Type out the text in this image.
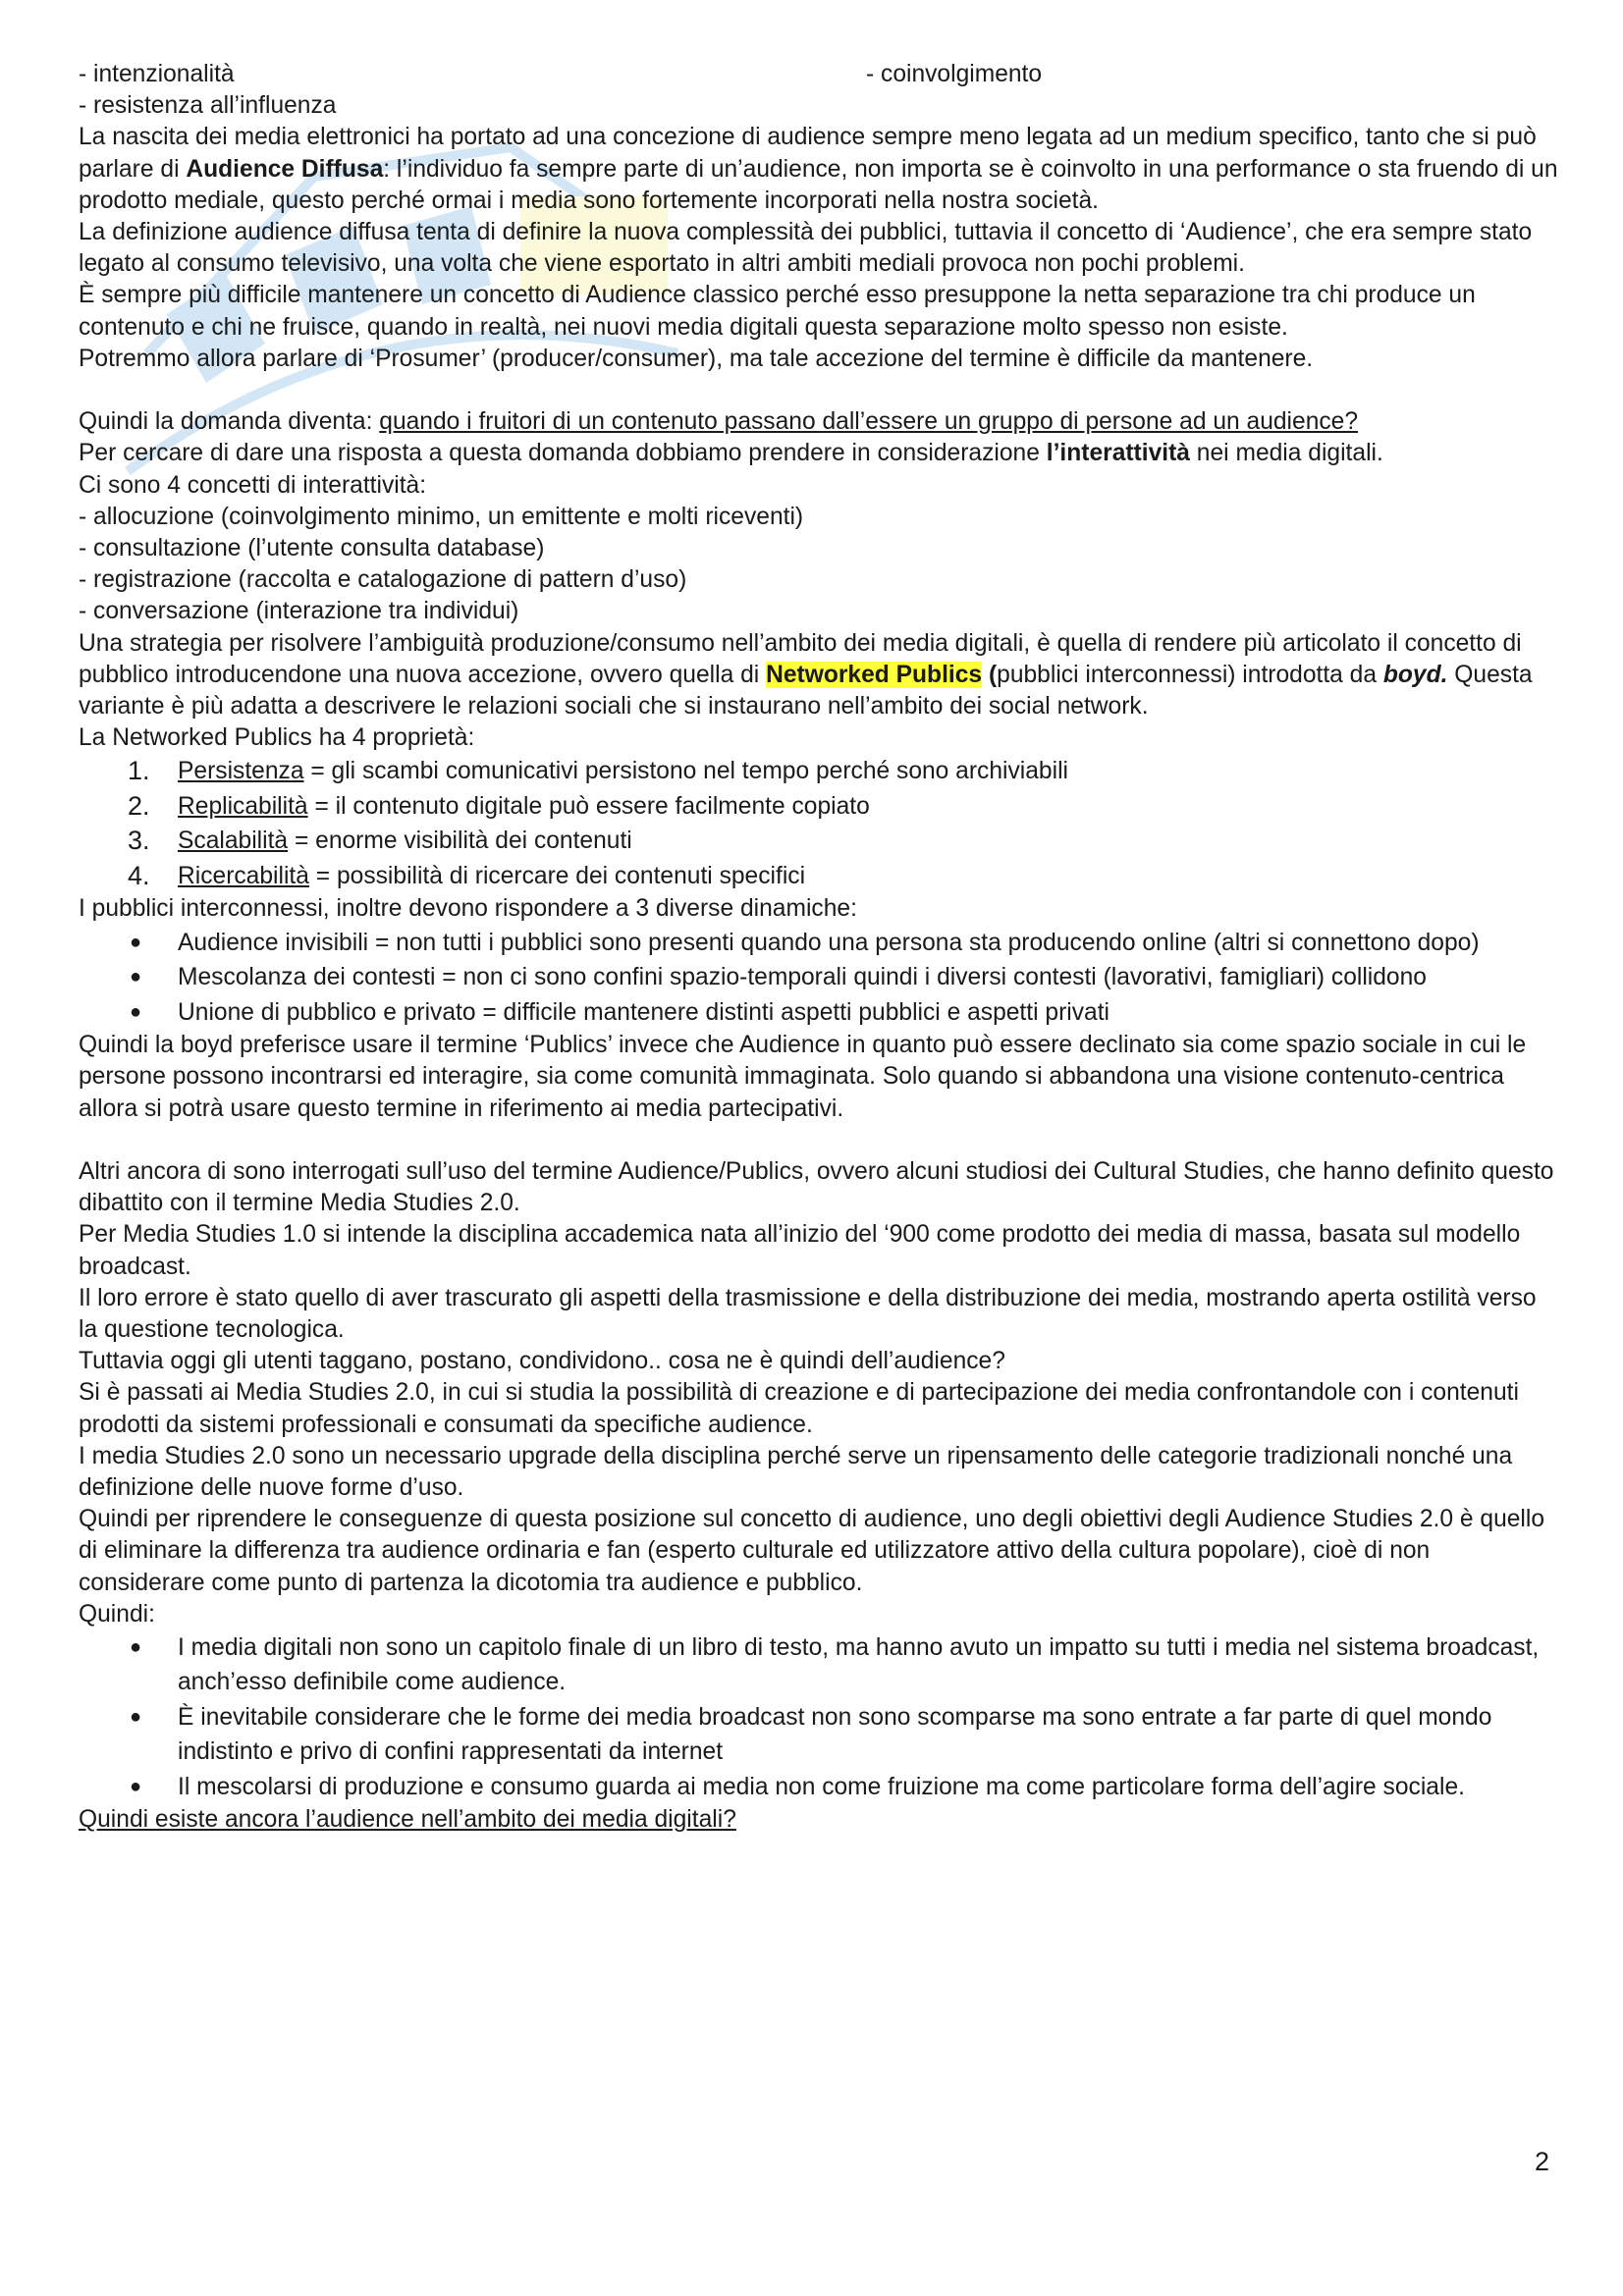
- intenzionalità	- coinvolgimento

- resistenza all’influenza

La nascita dei media elettronici ha portato ad una concezione di audience sempre meno legata ad un medium specifico, tanto che si può parlare di Audience Diffusa: l’individuo fa sempre parte di un’audience, non importa se è coinvolto in una performance o sta fruendo di un prodotto mediale, questo perché ormai i media sono fortemente incorporati nella nostra società.

La definizione audience diffusa tenta di definire la nuova complessità dei pubblici, tuttavia il concetto di ‘Audience’, che era sempre stato legato al consumo televisivo, una volta che viene esportato in altri ambiti mediali provoca non pochi problemi.

È sempre più difficile mantenere un concetto di Audience classico perché esso presuppone la netta separazione tra chi produce un contenuto e chi ne fruisce, quando in realtà, nei nuovi media digitali questa separazione molto spesso non esiste.

Potremmo allora parlare di ‘Prosumer’ (producer/consumer), ma tale accezione del termine è difficile da mantenere.

Quindi la domanda diventa: quando i fruitori di un contenuto passano dall’essere un gruppo di persone ad un audience?

Per cercare di dare una risposta a questa domanda dobbiamo prendere in considerazione l’interattività nei media digitali.

Ci sono 4 concetti di interattività:

- allocuzione (coinvolgimento minimo, un emittente e molti riceventi)

- consultazione (l’utente consulta database)

- registrazione (raccolta e catalogazione di pattern d’uso)

- conversazione (interazione tra individui)

Una strategia per risolvere l’ambiguità produzione/consumo nell’ambito dei media digitali, è quella di rendere più articolato il concetto di pubblico introducendone una nuova accezione, ovvero quella di Networked Publics (pubblici interconnessi) introdotta da boyd. Questa variante è più adatta a descrivere le relazioni sociali che si instaurano nell’ambito dei social network.

La Networked Publics ha 4 proprietà:

1. Persistenza = gli scambi comunicativi persistono nel tempo perché sono archiviabili
2. Replicabilità = il contenuto digitale può essere facilmente copiato
3. Scalabilità = enorme visibilità dei contenuti
4. Ricercabilità = possibilità di ricercare dei contenuti specifici

I pubblici interconnessi, inoltre devono rispondere a 3 diverse dinamiche:

● Audience invisibili = non tutti i pubblici sono presenti quando una persona sta producendo online (altri si connettono dopo)
● Mescolanza dei contesti = non ci sono confini spazio-temporali quindi i diversi contesti (lavorativi, famigliari) collidono
● Unione di pubblico e privato = difficile mantenere distinti aspetti pubblici e aspetti privati

Quindi la boyd preferisce usare il termine ‘Publics’ invece che Audience in quanto può essere declinato sia come spazio sociale in cui le persone possono incontrarsi ed interagire, sia come comunità immaginata. Solo quando si abbandona una visione contenuto-centrica allora si potrà usare questo termine in riferimento ai media partecipativi.

Altri ancora di sono interrogati sull’uso del termine Audience/Publics, ovvero alcuni studiosi dei Cultural Studies, che hanno definito questo dibattito con il termine Media Studies 2.0.

Per Media Studies 1.0 si intende la disciplina accademica nata all’inizio del ‘900 come prodotto dei media di massa, basata sul modello broadcast.

Il loro errore è stato quello di aver trascurato gli aspetti della trasmissione e della distribuzione dei media, mostrando aperta ostilità verso la questione tecnologica.

Tuttavia oggi gli utenti taggano, postano, condividono.. cosa ne è quindi dell’audience?

Si è passati ai Media Studies 2.0, in cui si studia la possibilità di creazione e di partecipazione dei media confrontandole con i contenuti prodotti da sistemi professionali e consumati da specifiche audience.

I media Studies 2.0 sono un necessario upgrade della disciplina perché serve un ripensamento delle categorie tradizionali nonché una definizione delle nuove forme d’uso.

Quindi per riprendere le conseguenze di questa posizione sul concetto di audience, uno degli obiettivi degli Audience Studies 2.0 è quello di eliminare la differenza tra audience ordinaria e fan (esperto culturale ed utilizzatore attivo della cultura popolare), cioè di non considerare come punto di partenza la dicotomia tra audience e pubblico.

Quindi:

● I media digitali non sono un capitolo finale di un libro di testo, ma hanno avuto un impatto su tutti i media nel sistema broadcast, anch’esso definibile come audience.
● È inevitabile considerare che le forme dei media broadcast non sono scomparse ma sono entrate a far parte di quel mondo indistinto e privo di confini rappresentati da internet
● Il mescolarsi di produzione e consumo guarda ai media non come fruizione ma come particolare forma dell’agire sociale.

Quindi esiste ancora l’audience nell’ambito dei media digitali?

2
